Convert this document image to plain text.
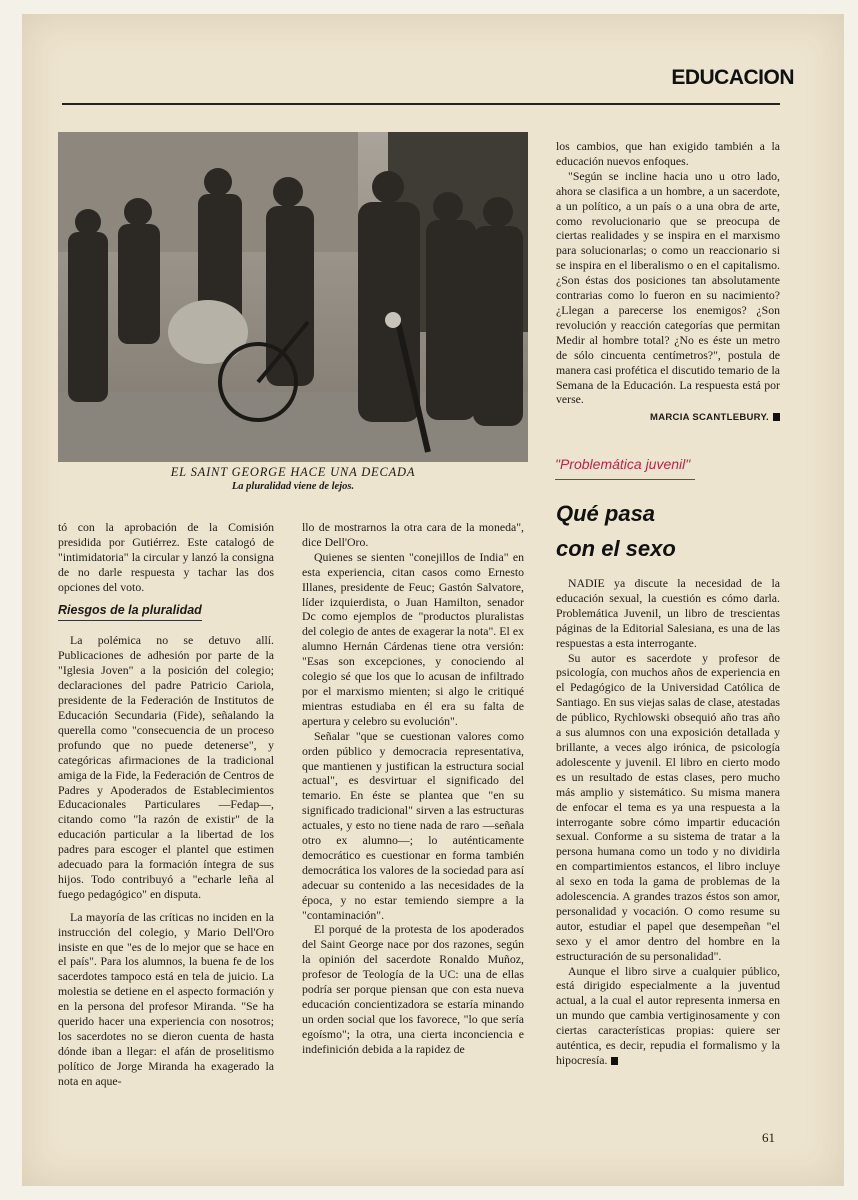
EDUCACION
EL SAINT GEORGE HACE UNA DECADA
La pluralidad viene de lejos.

tó con la aprobación de la Comisión presidida por Gutiérrez. Este catalogó de "intimidatoria" la circular y lanzó la consigna de no darle respuesta y tachar las dos opciones del voto.

Riesgos de la pluralidad

La polémica no se detuvo allí. Publicaciones de adhesión por parte de la "Iglesia Joven" a la posición del colegio; declaraciones del padre Patricio Cariola, presidente de la Federación de Institutos de Educación Secundaria (Fide), señalando la querella como "consecuencia de un proceso profundo que no puede detenerse", y categóricas afirmaciones de la tradicional amiga de la Fide, la Federación de Centros de Padres y Apoderados de Establecimientos Educacionales Particulares —Fedap—, citando como "la razón de existir" de la educación particular a la libertad de los padres para escoger el plantel que estimen adecuado para la formación íntegra de sus hijos. Todo contribuyó a "echarle leña al fuego pedagógico" en disputa.

La mayoría de las críticas no inciden en la instrucción del colegio, y Mario Dell'Oro insiste en que "es de lo mejor que se hace en el país". Para los alumnos, la buena fe de los sacerdotes tampoco está en tela de juicio. La molestia se detiene en el aspecto formación y en la persona del profesor Miranda. "Se ha querido hacer una experiencia con nosotros; los sacerdotes no se dieron cuenta de hasta dónde iban a llegar: el afán de proselitismo político de Jorge Miranda ha exagerado la nota en aque-

llo de mostrarnos la otra cara de la moneda", dice Dell'Oro.

Quienes se sienten "conejillos de India" en esta experiencia, citan casos como Ernesto Illanes, presidente de Feuc; Gastón Salvatore, líder izquierdista, o Juan Hamilton, senador Dc como ejemplos de "productos pluralistas del colegio de antes de exagerar la nota". El ex alumno Hernán Cárdenas tiene otra versión: "Esas son excepciones, y conociendo al colegio sé que los que lo acusan de infiltrado por el marxismo mienten; si algo le critiqué mientras estudiaba en él era su falta de apertura y celebro su evolución".

Señalar "que se cuestionan valores como orden público y democracia representativa, que mantienen y justifican la estructura social actual", es desvirtuar el significado del temario. En éste se plantea que "en su significado tradicional" sirven a las estructuras actuales, y esto no tiene nada de raro —señala otro ex alumno—; lo auténticamente democrático es cuestionar en forma también democrática los valores de la sociedad para así adecuar su contenido a las necesidades de la época, y no estar temiendo siempre a la "contaminación".

El porqué de la protesta de los apoderados del Saint George nace por dos razones, según la opinión del sacerdote Ronaldo Muñoz, profesor de Teología de la UC: una de ellas podría ser porque piensan que con esta nueva educación concientizadora se estaría minando un orden social que los favorece, "lo que sería egoísmo"; la otra, una cierta inconciencia e indefinición debida a la rapidez de

los cambios, que han exigido también a la educación nuevos enfoques.

"Según se incline hacia uno u otro lado, ahora se clasifica a un hombre, a un sacerdote, a un político, a un país o a una obra de arte, como revolucionario que se preocupa de ciertas realidades y se inspira en el marxismo para solucionarlas; o como un reaccionario si se inspira en el liberalismo o en el capitalismo. ¿Son éstas dos posiciones tan absolutamente contrarias como lo fueron en su nacimiento? ¿Llegan a parecerse los enemigos? ¿Son revolución y reacción categorías que permitan Medir al hombre total? ¿No es éste un metro de sólo cincuenta centímetros?", postula de manera casi profética el discutido temario de la Semana de la Educación. La respuesta está por verse.

MARCIA SCANTLEBURY.
"Problemática juvenil"
Qué pasa
con el sexo

NADIE ya discute la necesidad de la educación sexual, la cuestión es cómo darla. Problemática Juvenil, un libro de trescientas páginas de la Editorial Salesiana, es una de las respuestas a esta interrogante.

Su autor es sacerdote y profesor de psicología, con muchos años de experiencia en el Pedagógico de la Universidad Católica de Santiago. En sus viejas salas de clase, atestadas de público, Rychlowski obsequió año tras año a sus alumnos con una exposición detallada y brillante, a veces algo irónica, de psicología adolescente y juvenil. El libro en cierto modo es un resultado de estas clases, pero mucho más amplio y sistemático. Su misma manera de enfocar el tema es ya una respuesta a la interrogante sobre cómo impartir educación sexual. Conforme a su sistema de tratar a la persona humana como un todo y no dividirla en compartimientos estancos, el libro incluye al sexo en toda la gama de problemas de la adolescencia. A grandes trazos éstos son amor, personalidad y vocación. O como resume su autor, estudiar el papel que desempeñan "el sexo y el amor dentro del hombre en la estructuración de su personalidad".

Aunque el libro sirve a cualquier público, está dirigido especialmente a la juventud actual, a la cual el autor representa inmersa en un mundo que cambia vertiginosamente y con ciertas características propias: quiere ser auténtica, es decir, repudia el formalismo y la hipocresía.

61
